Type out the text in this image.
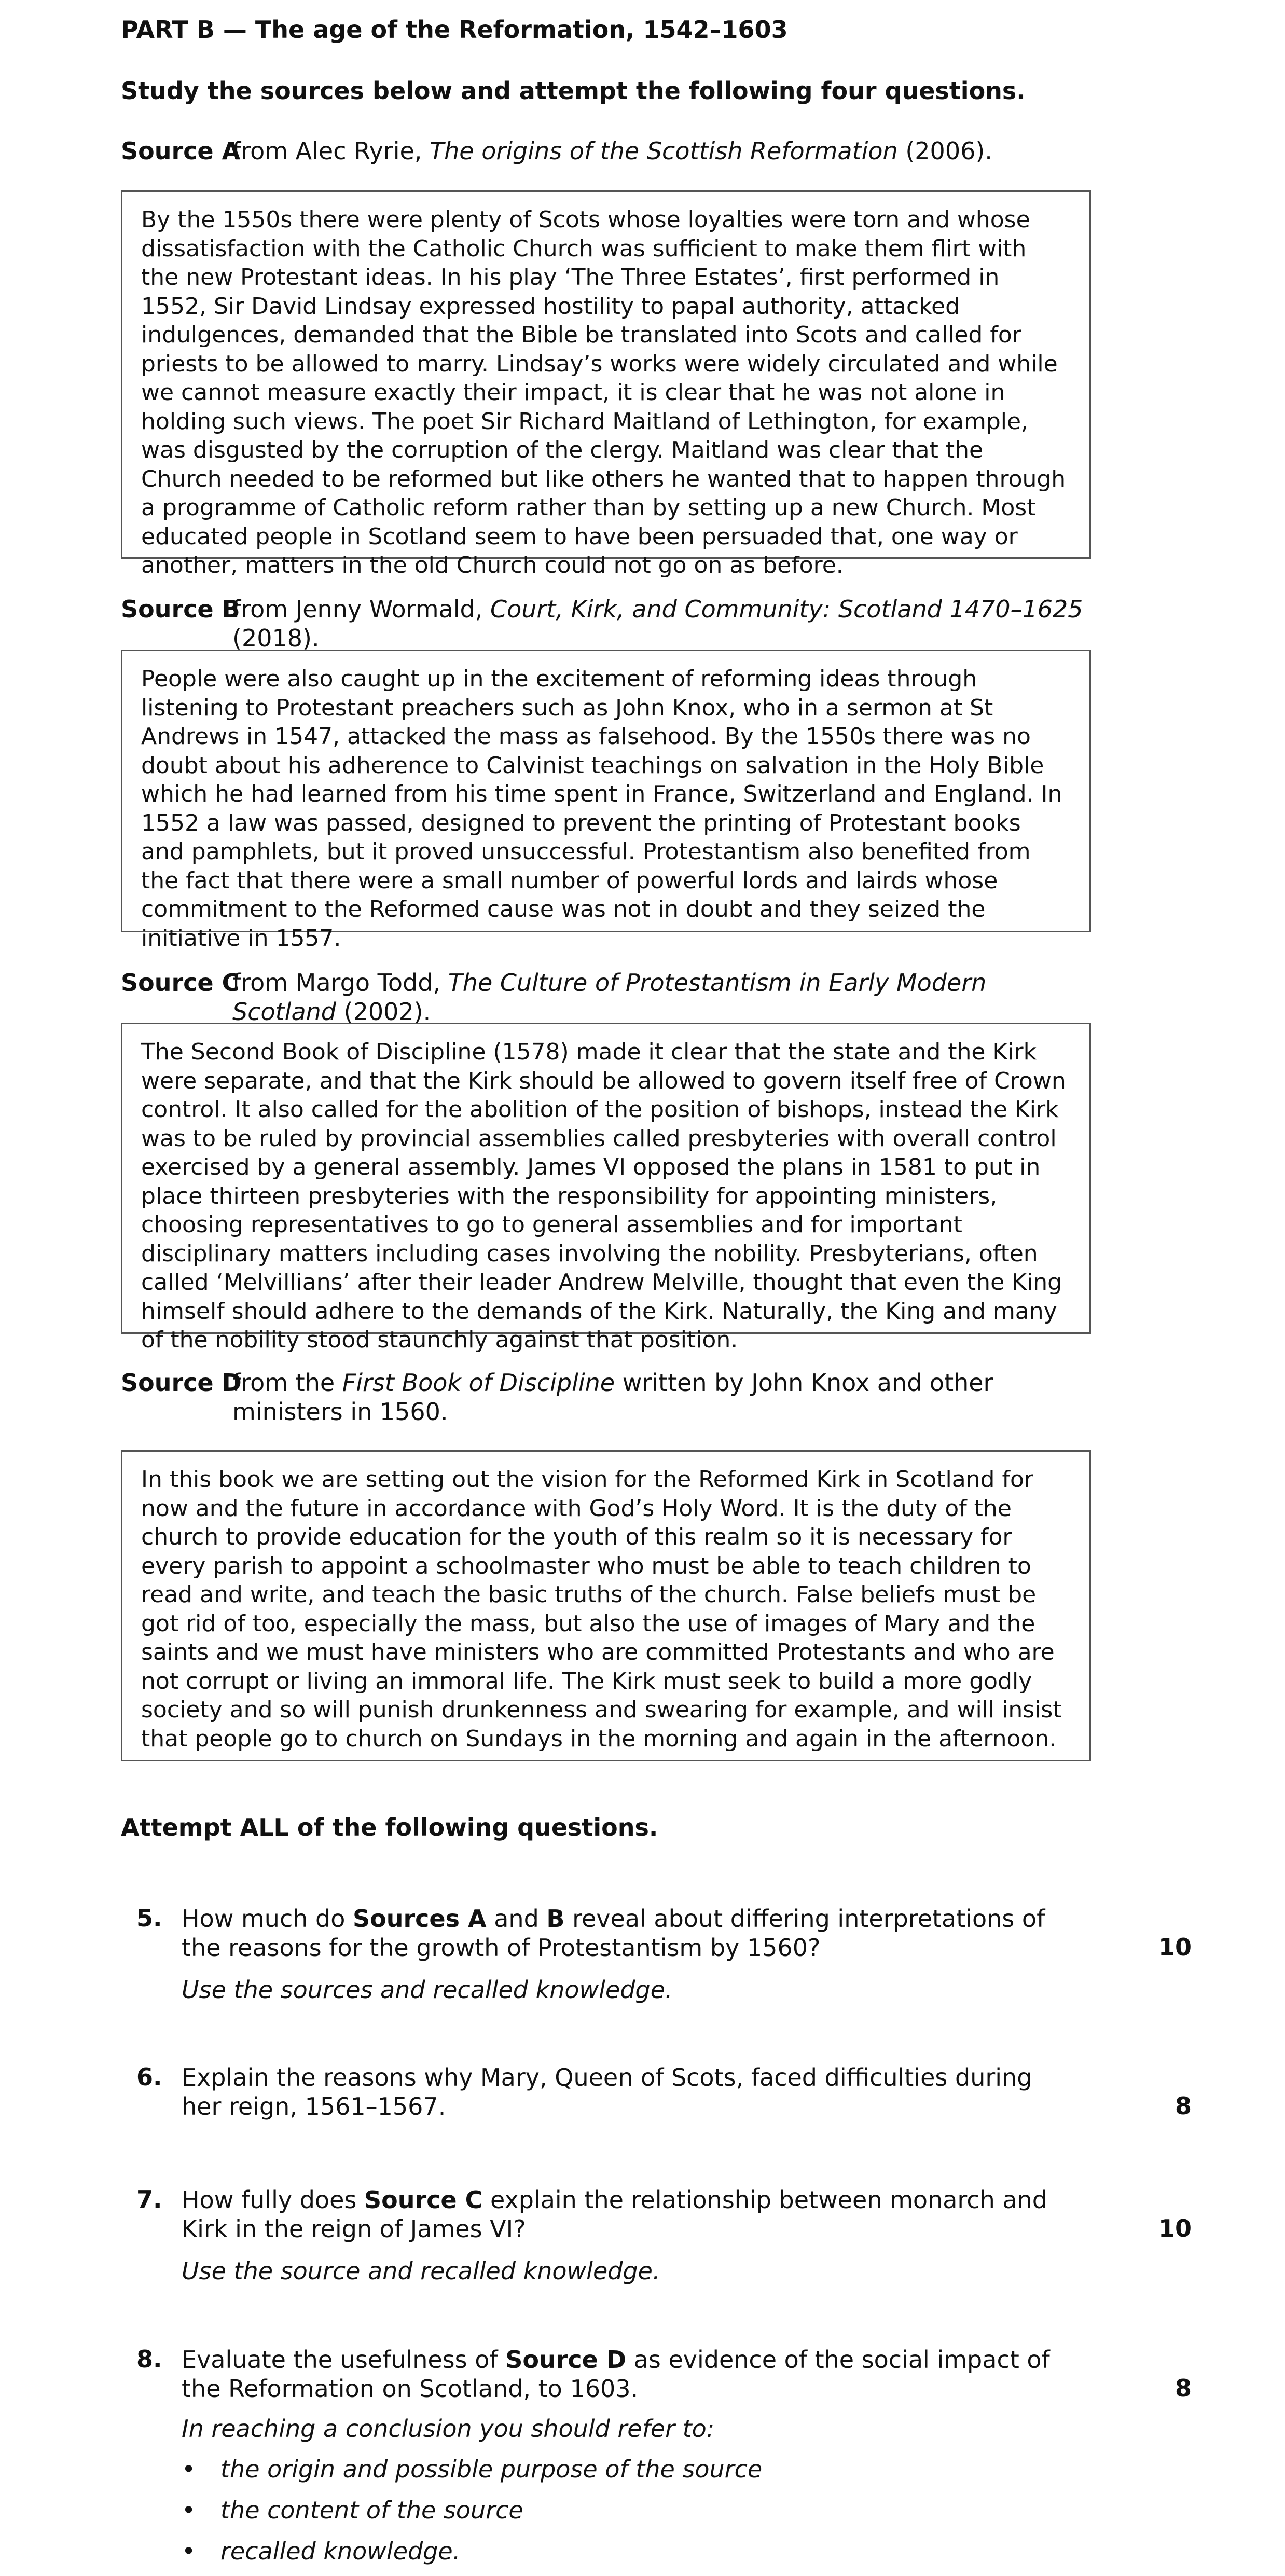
PART B — The age of the Reformation, 1542–1603
Study the sources below and attempt the following four questions.
Source A
from Alec Ryrie, The origins of the Scottish Reformation (2006).
By the 1550s there were plenty of Scots whose loyalties were torn and whose dissatisfaction with the Catholic Church was sufficient to make them flirt with the new Protestant ideas. In his play ‘The Three Estates’, first performed in 1552, Sir David Lindsay expressed hostility to papal authority, attacked indulgences, demanded that the Bible be translated into Scots and called for priests to be allowed to marry. Lindsay’s works were widely circulated and while we cannot measure exactly their impact, it is clear that he was not alone in holding such views. The poet Sir Richard Maitland of Lethington, for example, was disgusted by the corruption of the clergy. Maitland was clear that the Church needed to be reformed but like others he wanted that to happen through a programme of Catholic reform rather than by setting up a new Church. Most educated people in Scotland seem to have been persuaded that, one way or another, matters in the old Church could not go on as before.
Source B
from Jenny Wormald, Court, Kirk, and Community: Scotland 1470–1625 (2018).
People were also caught up in the excitement of reforming ideas through listening to Protestant preachers such as John Knox, who in a sermon at St Andrews in 1547, attacked the mass as falsehood. By the 1550s there was no doubt about his adherence to Calvinist teachings on salvation in the Holy Bible which he had learned from his time spent in France, Switzerland and England. In 1552 a law was passed, designed to prevent the printing of Protestant books and pamphlets, but it proved unsuccessful. Protestantism also benefited from the fact that there were a small number of powerful lords and lairds whose commitment to the Reformed cause was not in doubt and they seized the initiative in 1557.
Source C
from Margo Todd, The Culture of Protestantism in Early Modern Scotland (2002).
The Second Book of Discipline (1578) made it clear that the state and the Kirk were separate, and that the Kirk should be allowed to govern itself free of Crown control. It also called for the abolition of the position of bishops, instead the Kirk was to be ruled by provincial assemblies called presbyteries with overall control exercised by a general assembly. James VI opposed the plans in 1581 to put in place thirteen presbyteries with the responsibility for appointing ministers, choosing representatives to go to general assemblies and for important disciplinary matters including cases involving the nobility. Presbyterians, often called ‘Melvillians’ after their leader Andrew Melville, thought that even the King himself should adhere to the demands of the Kirk. Naturally, the King and many of the nobility stood staunchly against that position.
Source D
from the First Book of Discipline written by John Knox and other ministers in 1560.
In this book we are setting out the vision for the Reformed Kirk in Scotland for now and the future in accordance with God’s Holy Word. It is the duty of the church to provide education for the youth of this realm so it is necessary for every parish to appoint a schoolmaster who must be able to teach children to read and write, and teach the basic truths of the church. False beliefs must be got rid of too, especially the mass, but also the use of images of Mary and the saints and we must have ministers who are committed Protestants and who are not corrupt or living an immoral life. The Kirk must seek to build a more godly society and so will punish drunkenness and swearing for example, and will insist that people go to church on Sundays in the morning and again in the afternoon.
Attempt ALL of the following questions.
5. How much do Sources A and B reveal about differing interpretations of the reasons for the growth of Protestantism by 1560?
Use the sources and recalled knowledge.
10
6. Explain the reasons why Mary, Queen of Scots, faced difficulties during her reign, 1561–1567.	8
7. How fully does Source C explain the relationship between monarch and Kirk in the reign of James VI?
Use the source and recalled knowledge.
10
8. Evaluate the usefulness of Source D as evidence of the social impact of the Reformation on Scotland, to 1603.	8
In reaching a conclusion you should refer to:
• the origin and possible purpose of the source
• the content of the source
• recalled knowledge.
